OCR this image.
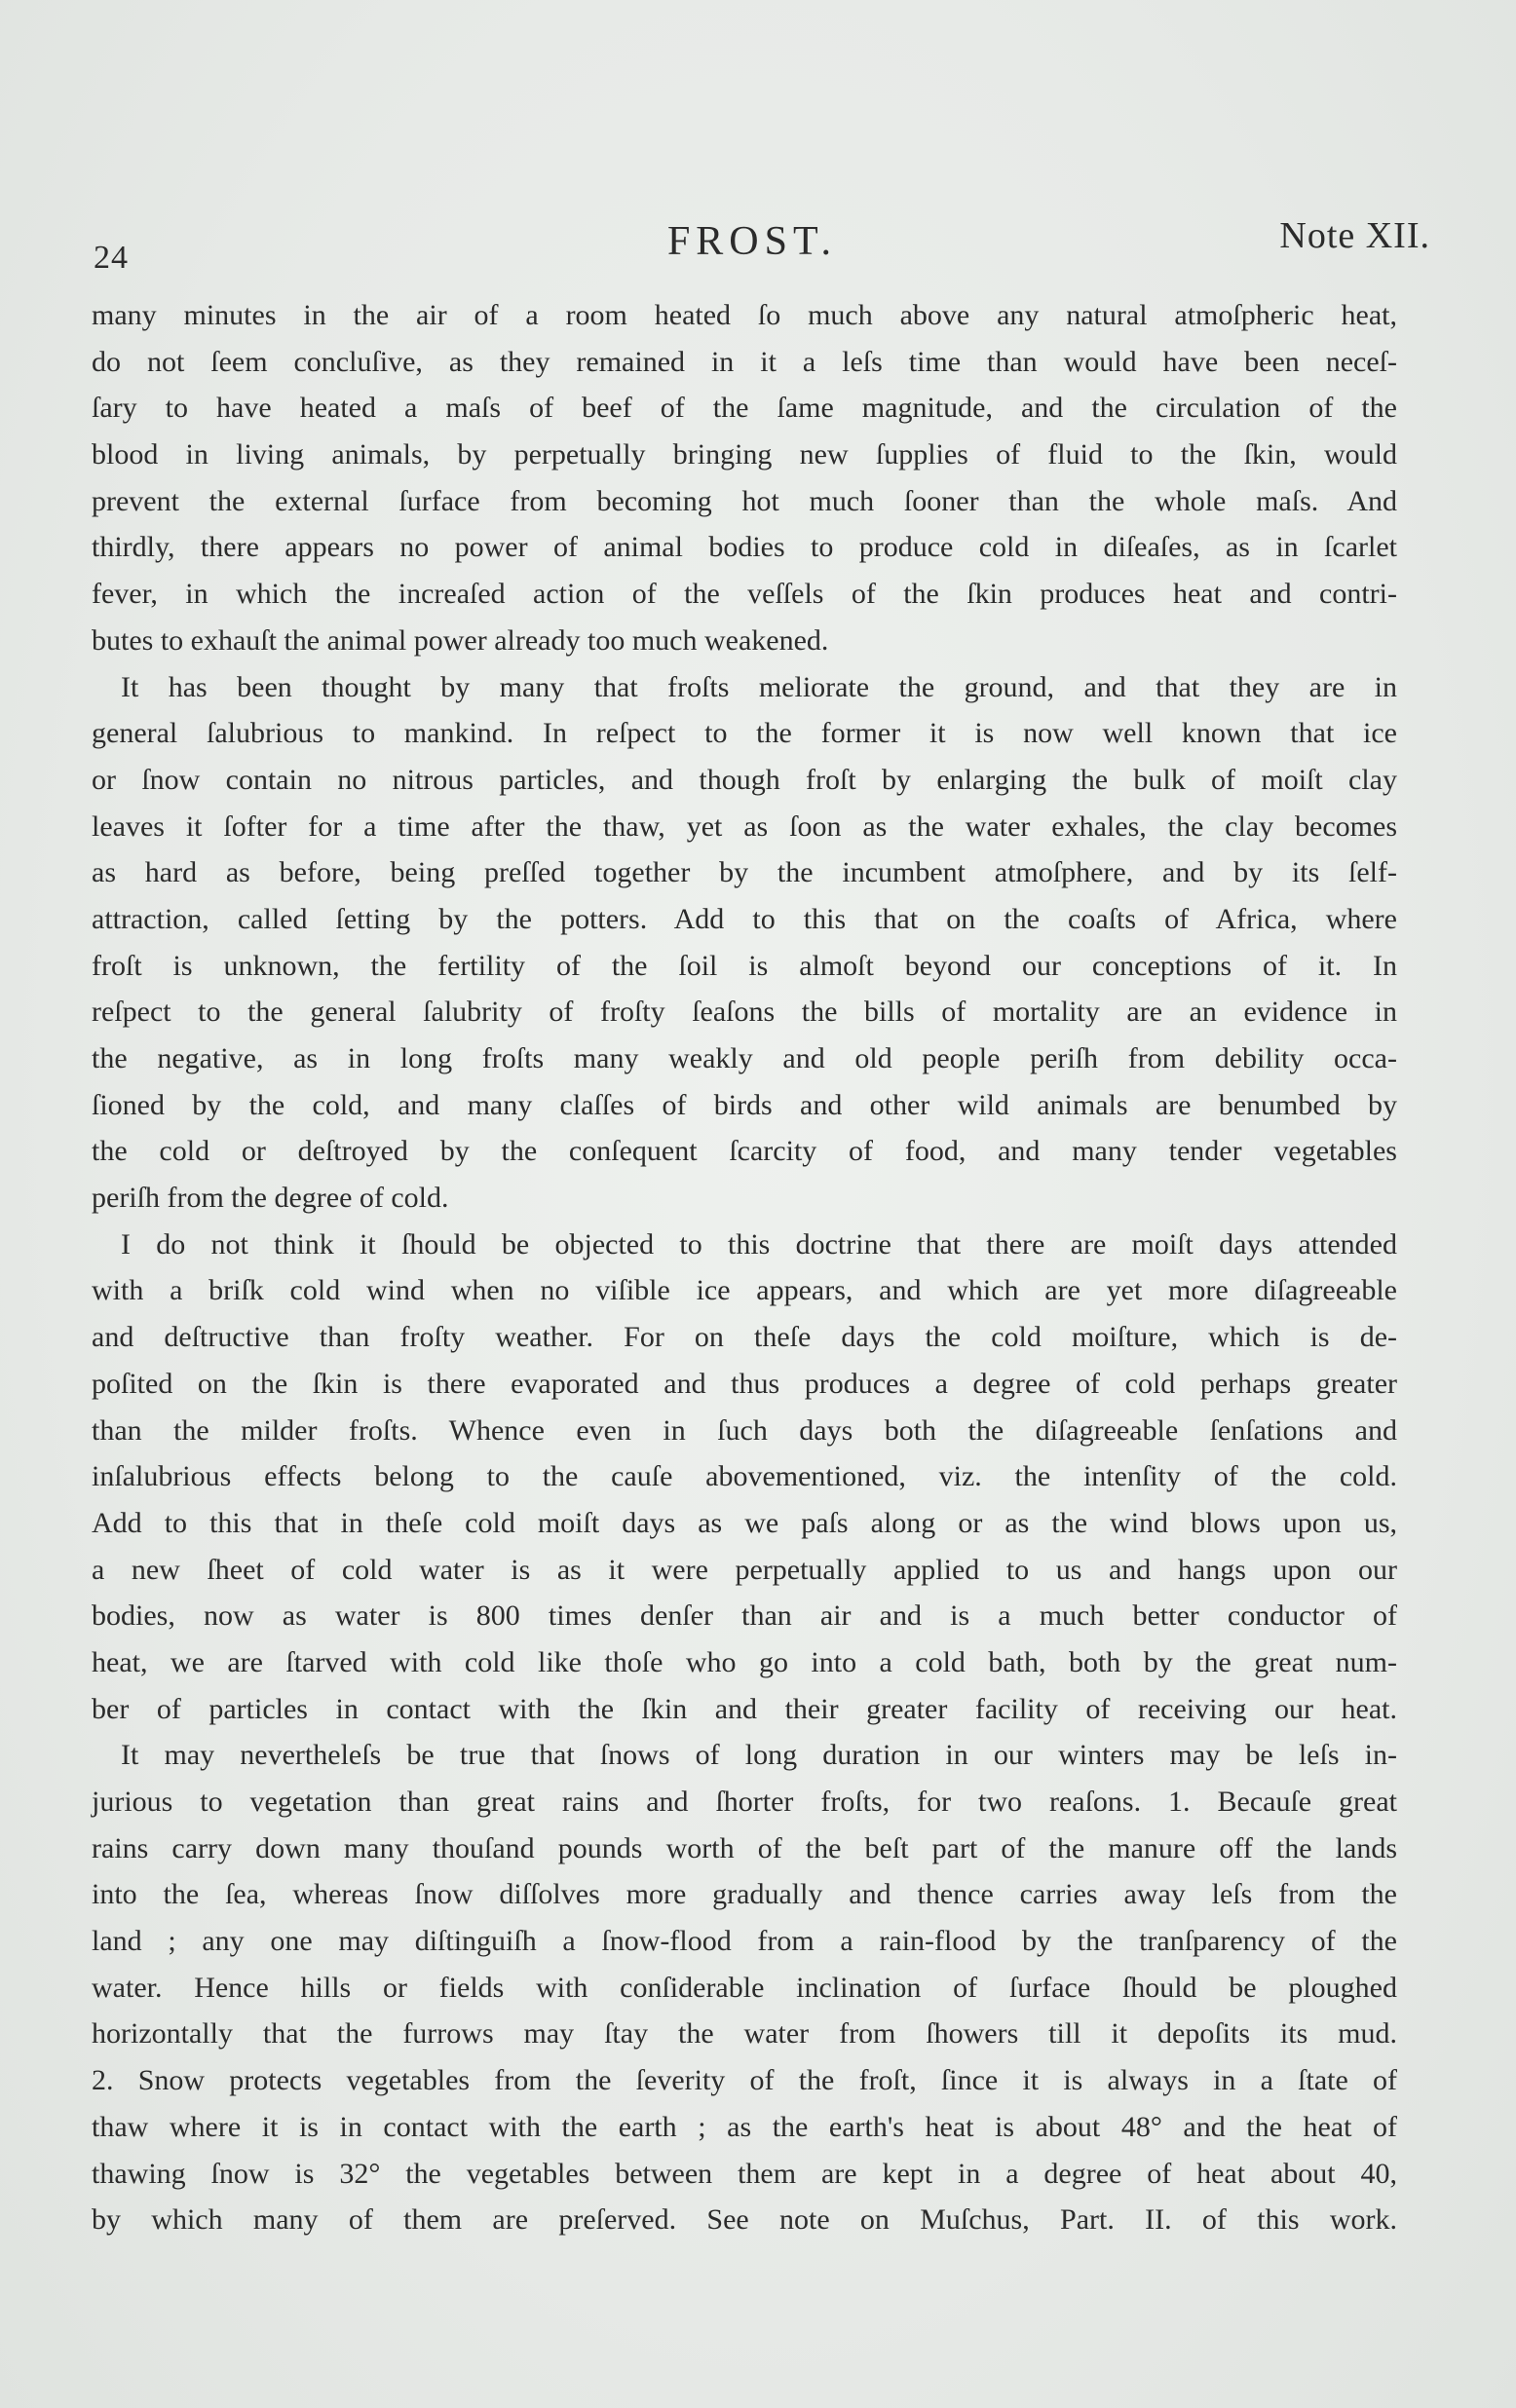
24	FROST.	Note XII.
many minutes in the air of a room heated ſo much above any natural atmoſpheric heat,
do not ſeem concluſive, as they remained in it a leſs time than would have been neceſ-
ſary to have heated a maſs of beef of the ſame magnitude, and the circulation of the
blood in living animals, by perpetually bringing new ſupplies of fluid to the ſkin, would
prevent the external ſurface from becoming hot much ſooner than the whole maſs. And
thirdly, there appears no power of animal bodies to produce cold in diſeaſes, as in ſcarlet
fever, in which the increaſed action of the veſſels of the ſkin produces heat and contri-
butes to exhauſt the animal power already too much weakened.
It has been thought by many that froſts meliorate the ground, and that they are in
general ſalubrious to mankind. In reſpect to the former it is now well known that ice
or ſnow contain no nitrous particles, and though froſt by enlarging the bulk of moiſt clay
leaves it ſofter for a time after the thaw, yet as ſoon as the water exhales, the clay becomes
as hard as before, being preſſed together by the incumbent atmoſphere, and by its ſelf-
attraction, called ſetting by the potters. Add to this that on the coaſts of Africa, where
froſt is unknown, the fertility of the ſoil is almoſt beyond our conceptions of it. In
reſpect to the general ſalubrity of froſty ſeaſons the bills of mortality are an evidence in
the negative, as in long froſts many weakly and old people periſh from debility occa-
ſioned by the cold, and many claſſes of birds and other wild animals are benumbed by
the cold or deſtroyed by the conſequent ſcarcity of food, and many tender vegetables
periſh from the degree of cold.
I do not think it ſhould be objected to this doctrine that there are moiſt days attended
with a briſk cold wind when no viſible ice appears, and which are yet more diſagreeable
and deſtructive than froſty weather. For on theſe days the cold moiſture, which is de-
poſited on the ſkin is there evaporated and thus produces a degree of cold perhaps greater
than the milder froſts. Whence even in ſuch days both the diſagreeable ſenſations and
inſalubrious effects belong to the cauſe abovementioned, viz. the intenſity of the cold.
Add to this that in theſe cold moiſt days as we paſs along or as the wind blows upon us,
a new ſheet of cold water is as it were perpetually applied to us and hangs upon our
bodies, now as water is 800 times denſer than air and is a much better conductor of
heat, we are ſtarved with cold like thoſe who go into a cold bath, both by the great num-
ber of particles in contact with the ſkin and their greater facility of receiving our heat.
It may nevertheleſs be true that ſnows of long duration in our winters may be leſs in-
jurious to vegetation than great rains and ſhorter froſts, for two reaſons. 1. Becauſe great
rains carry down many thouſand pounds worth of the beſt part of the manure off the lands
into the ſea, whereas ſnow diſſolves more gradually and thence carries away leſs from the
land ; any one may diſtinguiſh a ſnow-flood from a rain-flood by the tranſparency of the
water. Hence hills or fields with conſiderable inclination of ſurface ſhould be ploughed
horizontally that the furrows may ſtay the water from ſhowers till it depoſits its mud.
2. Snow protects vegetables from the ſeverity of the froſt, ſince it is always in a ſtate of
thaw where it is in contact with the earth ; as the earth's heat is about 48° and the heat of
thawing ſnow is 32° the vegetables between them are kept in a degree of heat about 40,
by which many of them are preſerved. See note on Muſchus, Part. II. of this work.
